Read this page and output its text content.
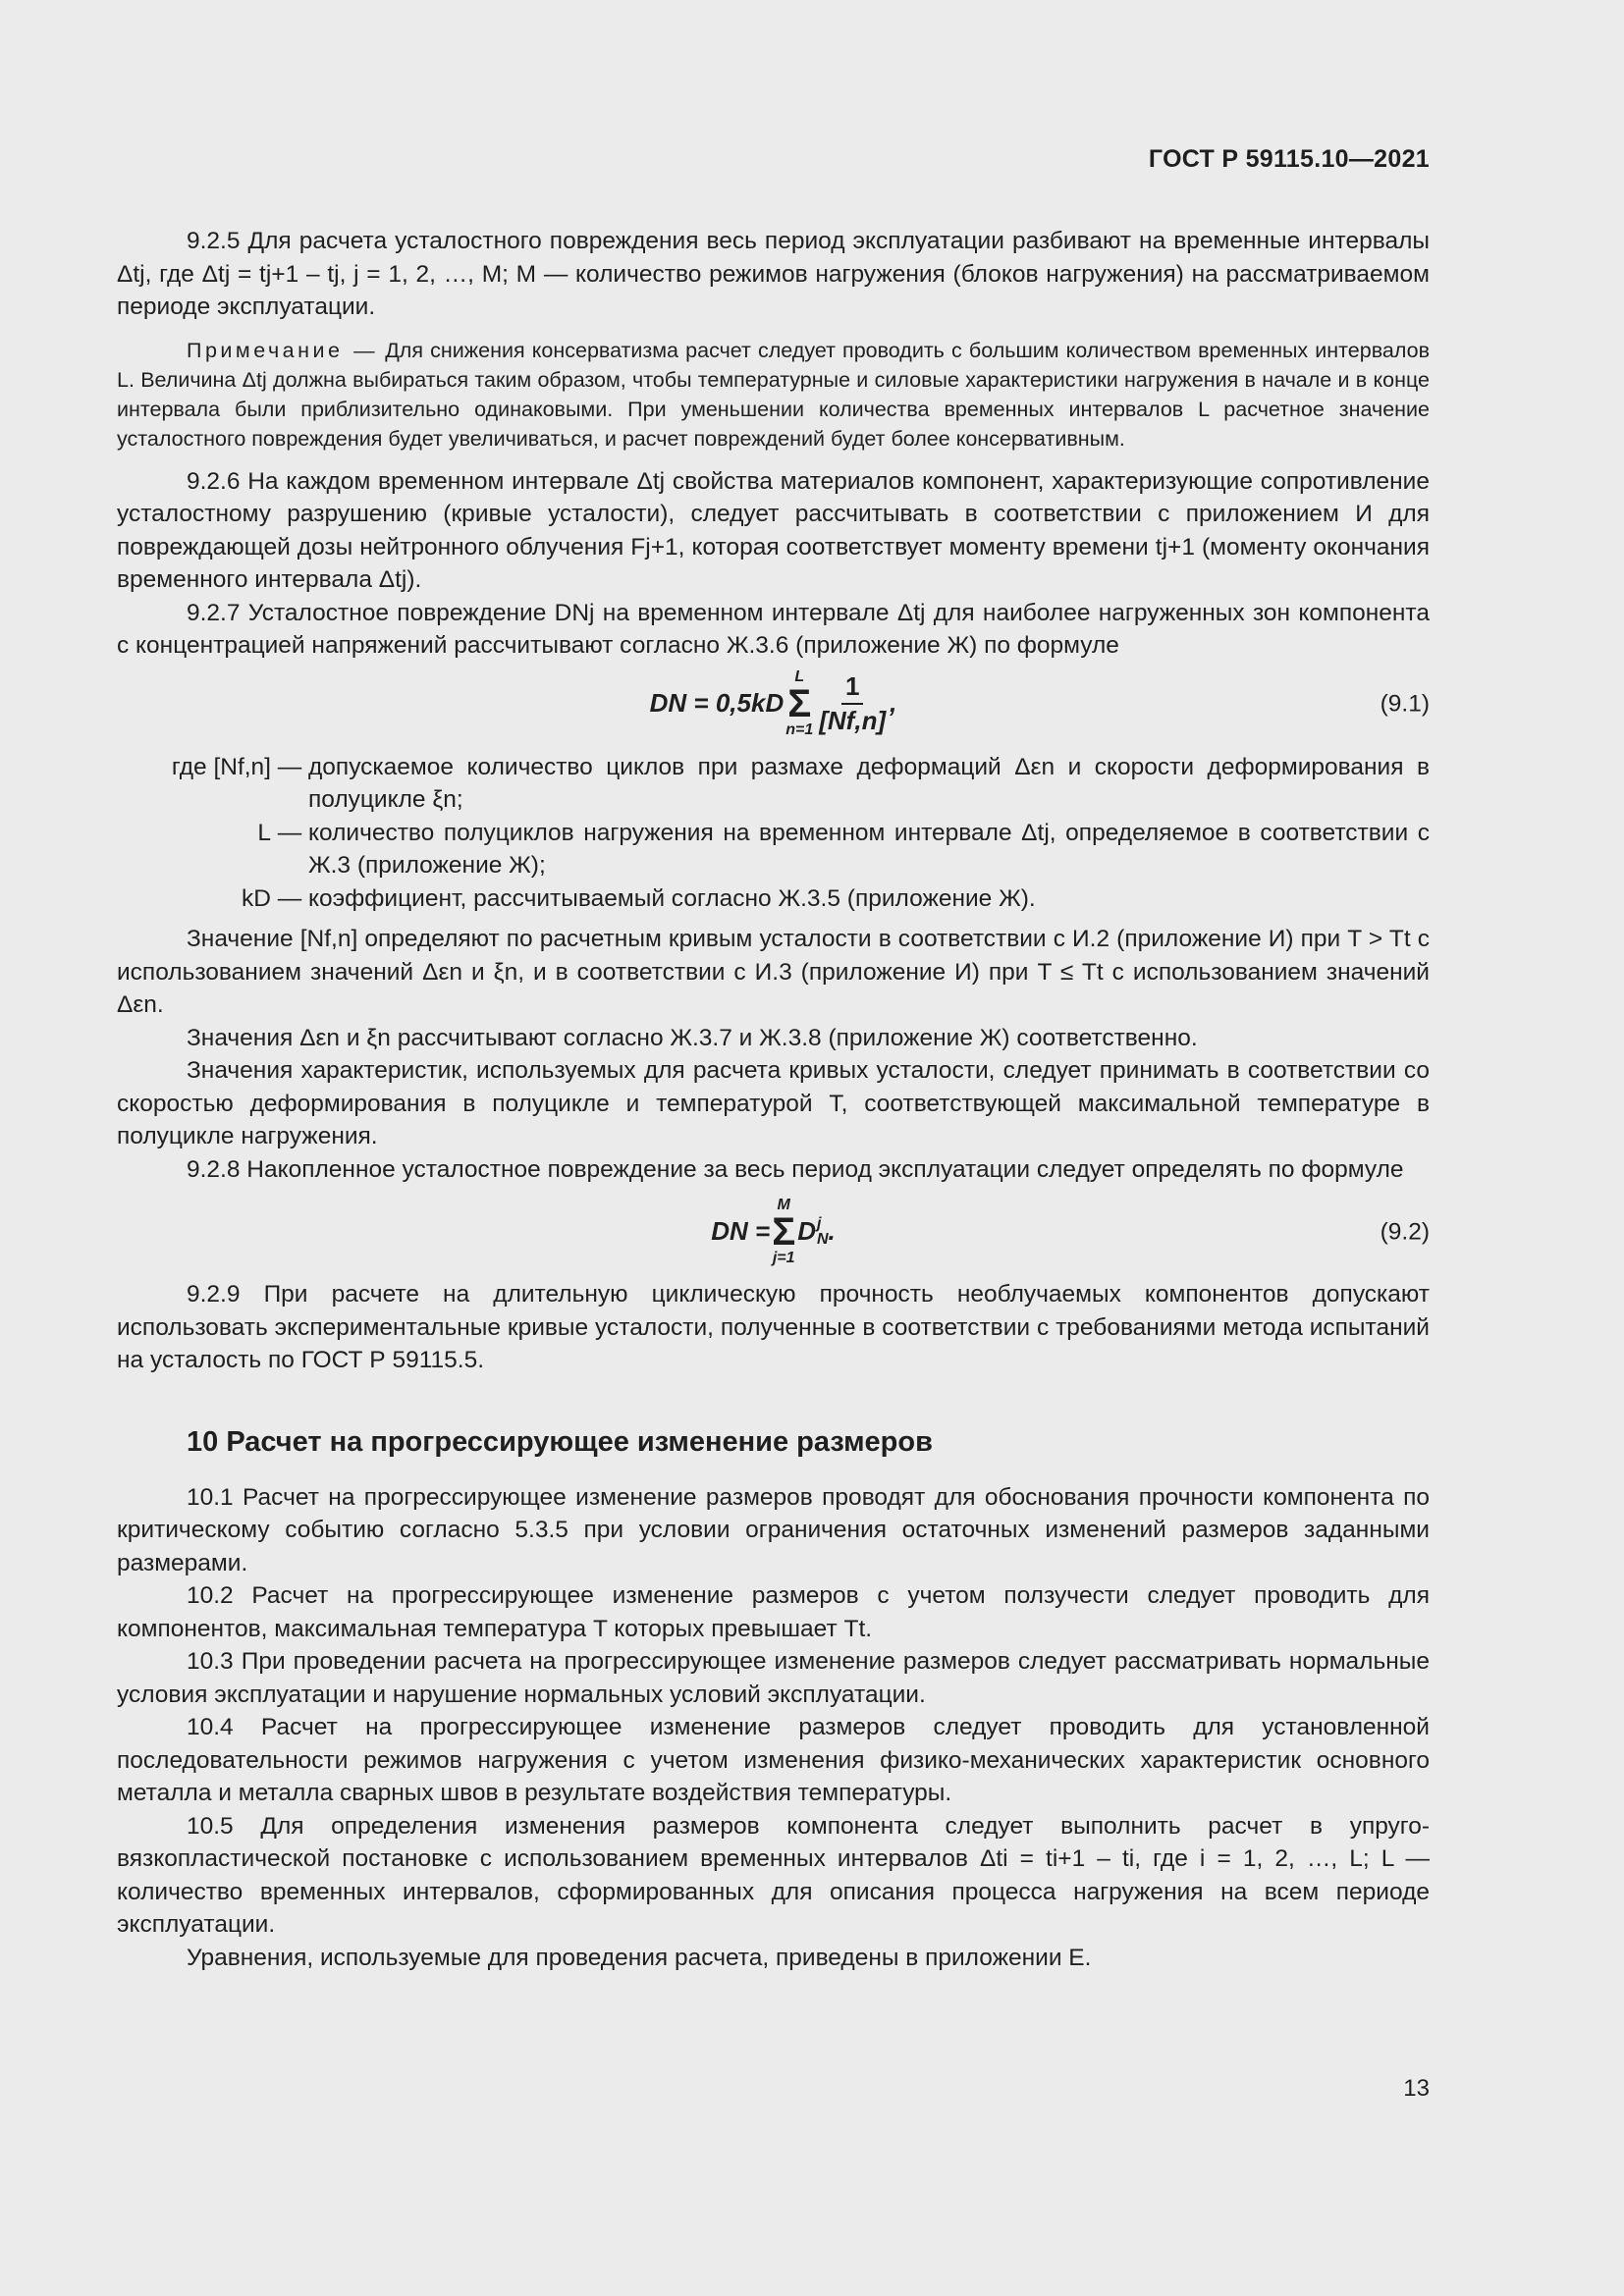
ГОСТ Р 59115.10—2021

9.2.5 Для расчета усталостного повреждения весь период эксплуатации разбивают на временные интервалы Δtj, где Δtj = tj+1 – tj, j = 1, 2, …, M; M — количество режимов нагружения (блоков нагружения) на рассматриваемом периоде эксплуатации.

Примечание — Для снижения консерватизма расчет следует проводить с большим количеством временных интервалов L. Величина Δtj должна выбираться таким образом, чтобы температурные и силовые характеристики нагружения в начале и в конце интервала были приблизительно одинаковыми. При уменьшении количества временных интервалов L расчетное значение усталостного повреждения будет увеличиваться, и расчет повреждений будет более консервативным.

9.2.6 На каждом временном интервале Δtj свойства материалов компонент, характеризующие сопротивление усталостному разрушению (кривые усталости), следует рассчитывать в соответствии с приложением И для повреждающей дозы нейтронного облучения Fj+1, которая соответствует моменту времени tj+1 (моменту окончания временного интервала Δtj).

9.2.7 Усталостное повреждение DNj на временном интервале Δtj для наиболее нагруженных зон компонента с концентрацией напряжений рассчитывают согласно Ж.3.6 (приложение Ж) по формуле

DN = 0,5kD
L
Σ
$n=1 \frac{1}{[Nf,n]}$ ,	(9.1)
где [Nf,n] — допускаемое количество циклов при размахе деформаций Δεn и скорости деформирования в полуцикле ξn;
L — количество полуциклов нагружения на временном интервале Δtj, определяемое в соответствии с Ж.3 (приложение Ж);
kD — коэффициент, рассчитываемый согласно Ж.3.5 (приложение Ж).

Значение [Nf,n] определяют по расчетным кривым усталости в соответствии с И.2 (приложение И) при T > Tt с использованием значений Δεn и ξn, и в соответствии с И.3 (приложение И) при T ≤ Tt с использованием значений Δεn.

Значения Δεn и ξn рассчитывают согласно Ж.3.7 и Ж.3.8 (приложение Ж) соответственно.

Значения характеристик, используемых для расчета кривых усталости, следует принимать в соответствии со скоростью деформирования в полуцикле и температурой T, соответствующей максимальной температуре в полуцикле нагружения.

9.2.8 Накопленное усталостное повреждение за весь период эксплуатации следует определять по формуле

DN =
M
Σ
j=1
D j
N .	(9.2)

9.2.9 При расчете на длительную циклическую прочность необлучаемых компонентов допускают использовать экспериментальные кривые усталости, полученные в соответствии с требованиями метода испытаний на усталость по ГОСТ Р 59115.5.

10 Расчет на прогрессирующее изменение размеров

10.1 Расчет на прогрессирующее изменение размеров проводят для обоснования прочности компонента по критическому событию согласно 5.3.5 при условии ограничения остаточных изменений размеров заданными размерами.

10.2 Расчет на прогрессирующее изменение размеров с учетом ползучести следует проводить для компонентов, максимальная температура T которых превышает Tt.

10.3 При проведении расчета на прогрессирующее изменение размеров следует рассматривать нормальные условия эксплуатации и нарушение нормальных условий эксплуатации.

10.4 Расчет на прогрессирующее изменение размеров следует проводить для установленной последовательности режимов нагружения с учетом изменения физико-механических характеристик основного металла и металла сварных швов в результате воздействия температуры.

10.5 Для определения изменения размеров компонента следует выполнить расчет в упруго-вязкопластической постановке с использованием временных интервалов Δti = ti+1 – ti, где i = 1, 2, …, L; L — количество временных интервалов, сформированных для описания процесса нагружения на всем периоде эксплуатации.

Уравнения, используемые для проведения расчета, приведены в приложении Е.

13
